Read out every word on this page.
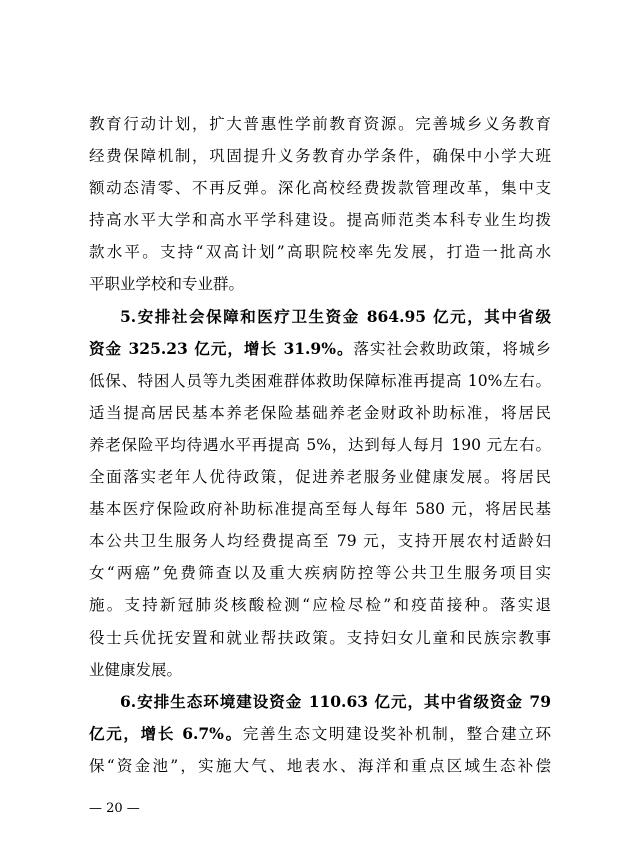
教育行动计划，扩大普惠性学前教育资源。完善城乡义务教育
经费保障机制，巩固提升义务教育办学条件，确保中小学大班
额动态清零、不再反弹。深化高校经费拨款管理改革，集中支
持高水平大学和高水平学科建设。提高师范类本科专业生均拨
款水平。支持“双高计划”高职院校率先发展，打造一批高水
平职业学校和专业群。
5.安排社会保障和医疗卫生资金 864.95 亿元，其中省级
资金 325.23 亿元，增长 31.9%。落实社会救助政策，将城乡
低保、特困人员等九类困难群体救助保障标准再提高 10%左右。
适当提高居民基本养老保险基础养老金财政补助标准，将居民
养老保险平均待遇水平再提高 5%，达到每人每月 190 元左右。
全面落实老年人优待政策，促进养老服务业健康发展。将居民
基本医疗保险政府补助标准提高至每人每年 580 元，将居民基
本公共卫生服务人均经费提高至 79 元，支持开展农村适龄妇
女“两癌”免费筛查以及重大疾病防控等公共卫生服务项目实
施。支持新冠肺炎核酸检测“应检尽检”和疫苗接种。落实退
役士兵优抚安置和就业帮扶政策。支持妇女儿童和民族宗教事
业健康发展。
6.安排生态环境建设资金 110.63 亿元，其中省级资金 79
亿元，增长 6.7%。完善生态文明建设奖补机制，整合建立环
保“资金池”，实施大气、地表水、海洋和重点区域生态补偿
— 20 —
